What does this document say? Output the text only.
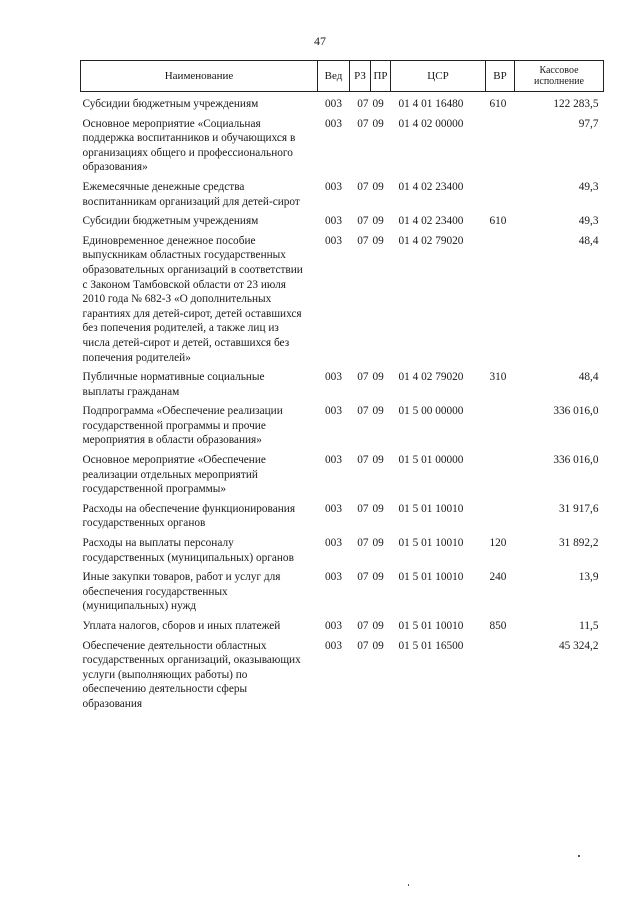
47
Наименование	Вед	РЗ	ПР	ЦСР	ВР	Кассовое исполнение
Субсидии бюджетным учреждениям	003	07	09	01 4 01 16480	610	122 283,5
Основное мероприятие «Социальная поддержка воспитанников и обучающихся в организациях общего и профессионального образования»	003	07	09	01 4 02 00000		97,7
Ежемесячные денежные средства воспитанникам организаций для детей-сирот	003	07	09	01 4 02 23400		49,3
Субсидии бюджетным учреждениям	003	07	09	01 4 02 23400	610	49,3
Единовременное денежное пособие выпускникам областных государственных образовательных организаций в соответствии с Законом Тамбовской области от 23 июля 2010 года № 682-З «О дополнительных гарантиях для детей-сирот, детей оставшихся без попечения родителей, а также лиц из числа детей-сирот и детей, оставшихся без попечения родителей»	003	07	09	01 4 02 79020		48,4
Публичные нормативные социальные выплаты гражданам	003	07	09	01 4 02 79020	310	48,4
Подпрограмма «Обеспечение реализации государственной программы и прочие мероприятия в области образования»	003	07	09	01 5 00 00000		336 016,0
Основное мероприятие «Обеспечение реализации отдельных мероприятий государственной программы»	003	07	09	01 5 01 00000		336 016,0
Расходы на обеспечение функционирования государственных органов	003	07	09	01 5 01 10010		31 917,6
Расходы на выплаты персоналу государственных (муниципальных) органов	003	07	09	01 5 01 10010	120	31 892,2
Иные закупки товаров, работ и услуг для обеспечения государственных (муниципальных) нужд	003	07	09	01 5 01 10010	240	13,9
Уплата налогов, сборов и иных платежей	003	07	09	01 5 01 10010	850	11,5
Обеспечение деятельности областных государственных организаций, оказывающих услуги (выполняющих работы) по обеспечению деятельности сферы образования	003	07	09	01 5 01 16500		45 324,2
